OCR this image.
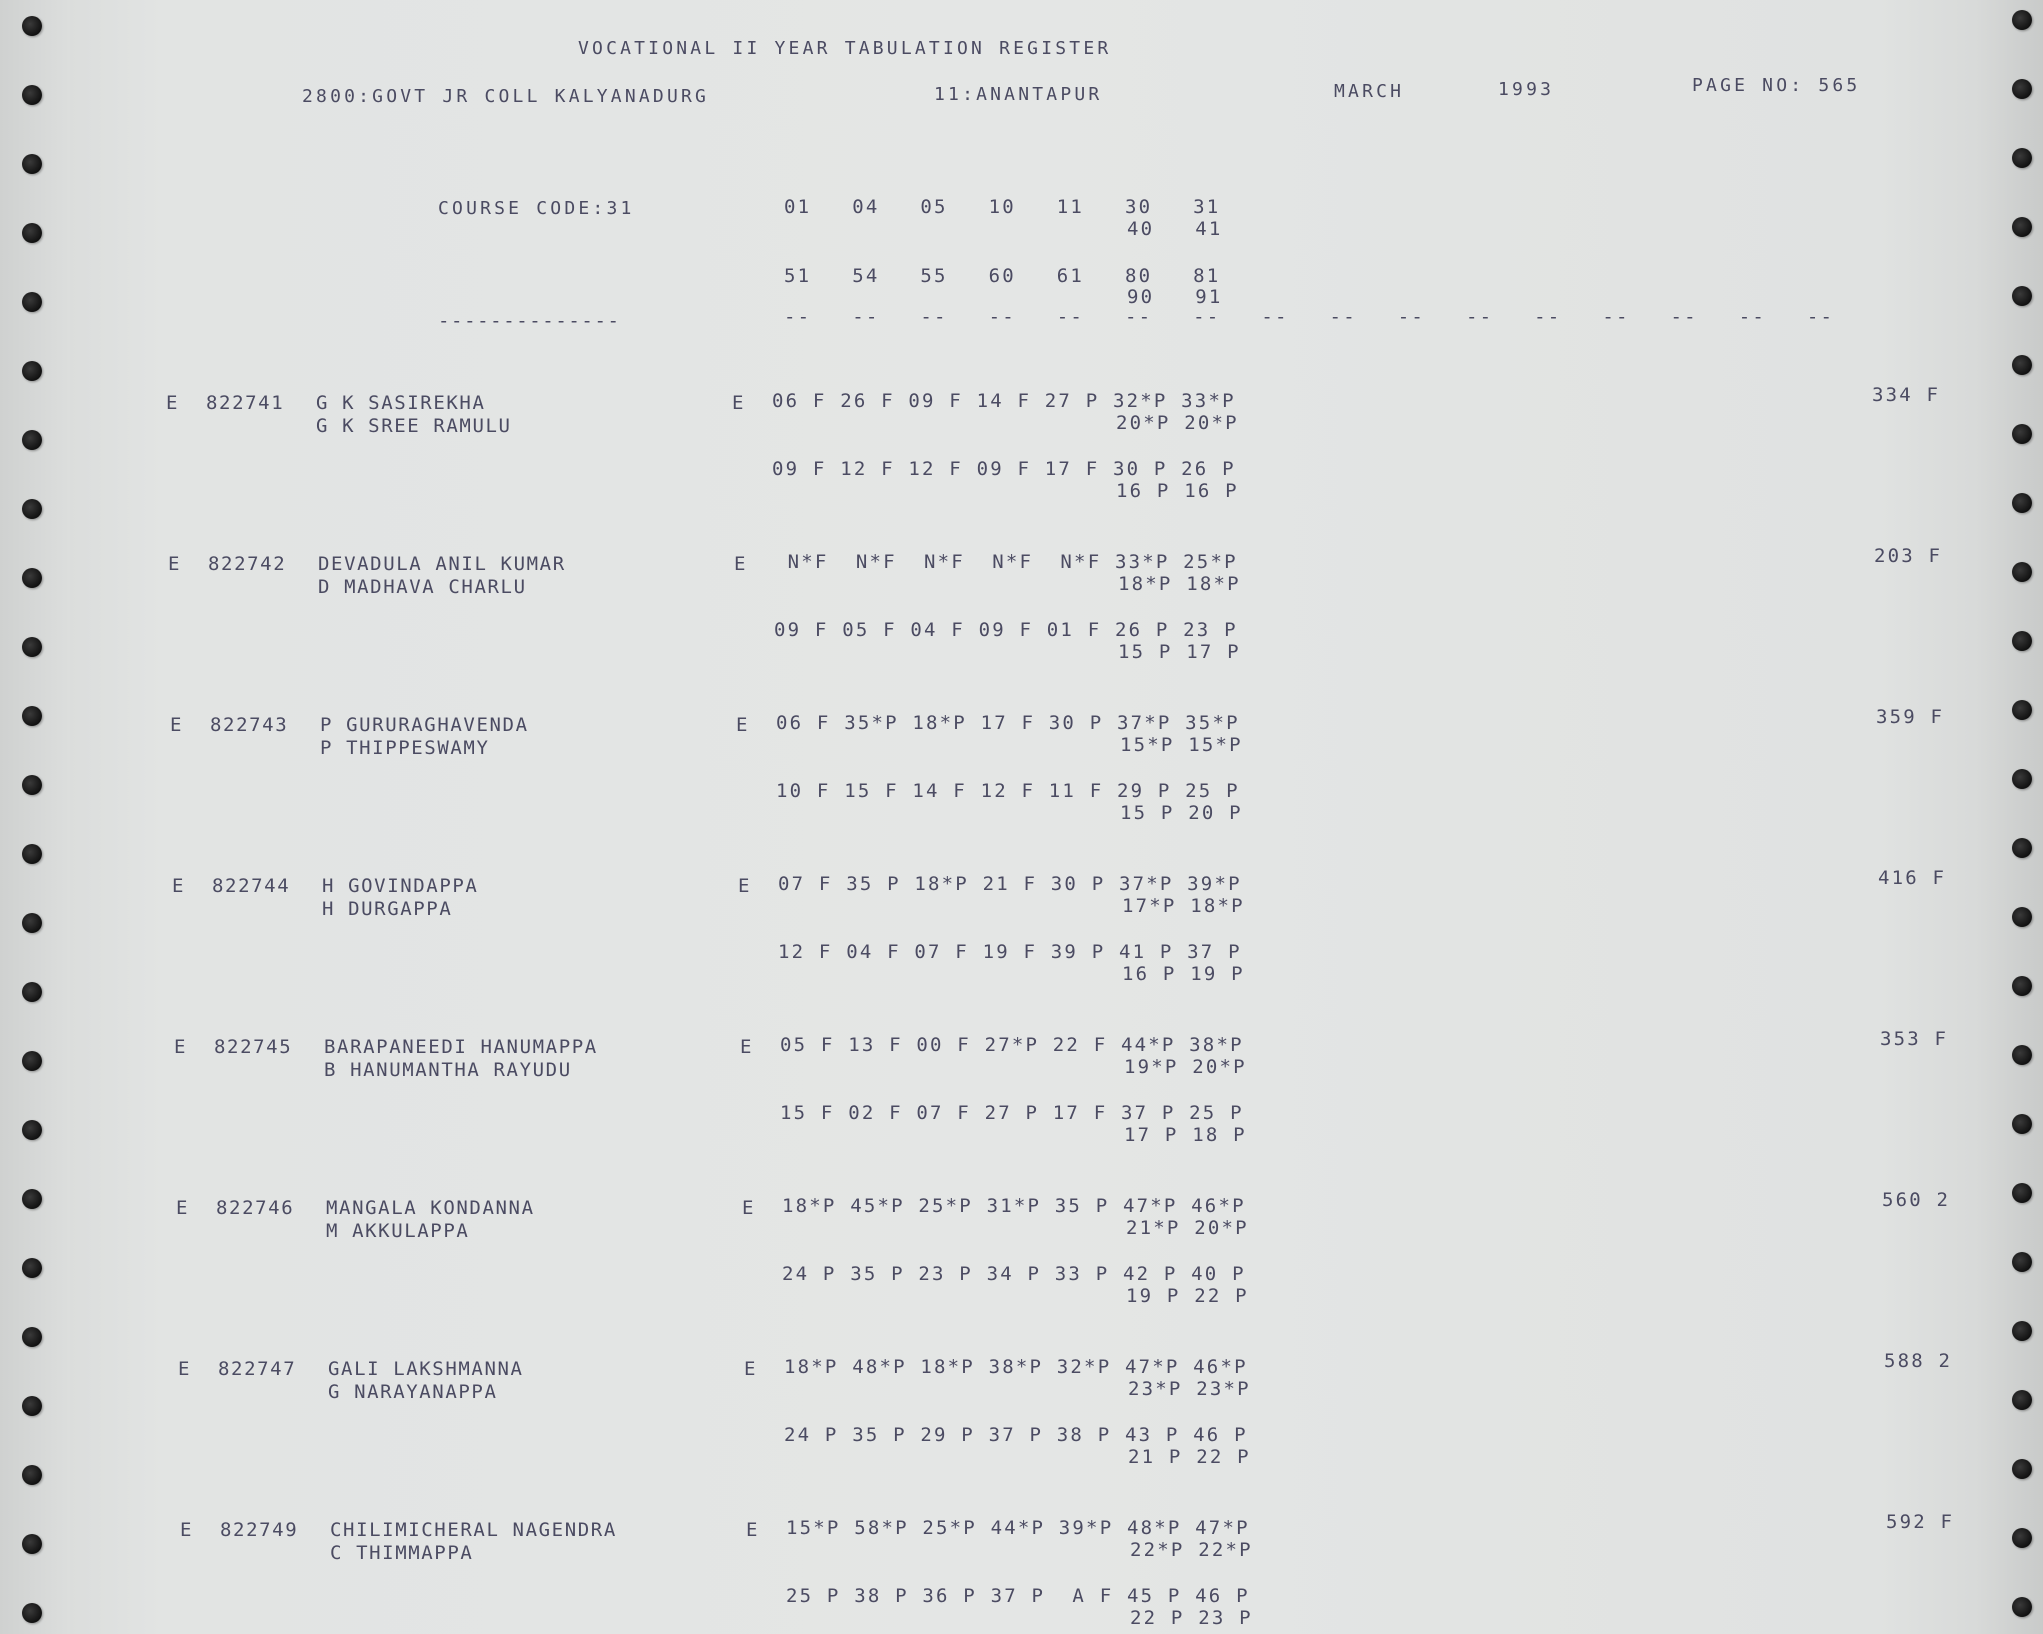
VOCATIONAL II YEAR TABULATION REGISTER
2800:GOVT JR COLL KALYANADURG	11:ANANTAPUR	MARCH	1993	PAGE NO: 565
COURSE CODE:31	01   04   05   10   11   30   31
40   41
51   54   55   60   61   80   81
90   91
--------------	--   --   --   --   --   --   --   --   --   --   --   --   --   --   --   --
E 822741 G K SASIREKHA
G K SREE RAMULU
E 06 F 26 F 09 F 14 F 27 P 32*P 33*P
20*P 20*P
09 F 12 F 12 F 09 F 17 F 30 P 26 P
16 P 16 P
334 F
E 822742 DEVADULA ANIL KUMAR
D MADHAVA CHARLU
E N*F  N*F  N*F  N*F  N*F 33*P 25*P
18*P 18*P
09 F 05 F 04 F 09 F 01 F 26 P 23 P
15 P 17 P
203 F
E 822743 P GURURAGHAVENDA
P THIPPESWAMY
E 06 F 35*P 18*P 17 F 30 P 37*P 35*P
15*P 15*P
10 F 15 F 14 F 12 F 11 F 29 P 25 P
15 P 20 P
359 F
E 822744 H GOVINDAPPA
H DURGAPPA
E 07 F 35 P 18*P 21 F 30 P 37*P 39*P
17*P 18*P
12 F 04 F 07 F 19 F 39 P 41 P 37 P
16 P 19 P
416 F
E 822745 BARAPANEEDI HANUMAPPA
B HANUMANTHA RAYUDU
E 05 F 13 F 00 F 27*P 22 F 44*P 38*P
19*P 20*P
15 F 02 F 07 F 27 P 17 F 37 P 25 P
17 P 18 P
353 F
E 822746 MANGALA KONDANNA
M AKKULAPPA
E 18*P 45*P 25*P 31*P 35 P 47*P 46*P
21*P 20*P
24 P 35 P 23 P 34 P 33 P 42 P 40 P
19 P 22 P
560 2
E 822747 GALI LAKSHMANNA
G NARAYANAPPA
E 18*P 48*P 18*P 38*P 32*P 47*P 46*P
23*P 23*P
24 P 35 P 29 P 37 P 38 P 43 P 46 P
21 P 22 P
588 2
E 822749 CHILIMICHERAL NAGENDRA
C THIMMAPPA
E 15*P 58*P 25*P 44*P 39*P 48*P 47*P
22*P 22*P
25 P 38 P 36 P 37 P  A F 45 P 46 P
22 P 23 P
592 F
